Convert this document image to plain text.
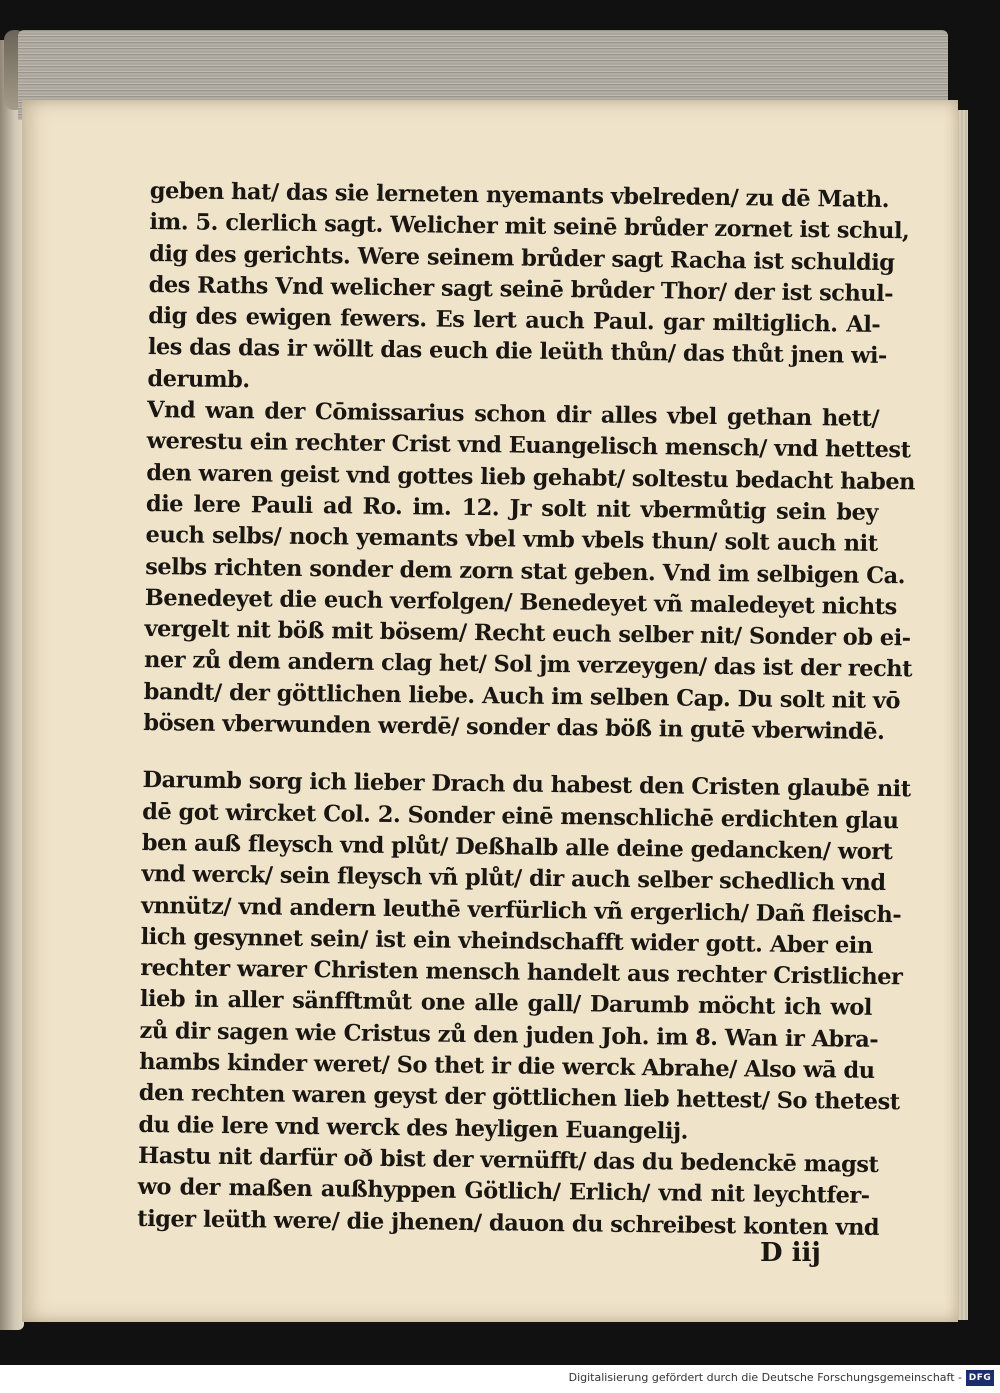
geben hat/ das sie lerneten nyemants vbelreden/ zu dē Math.
im. 5. clerlich sagt. Welicher mit seinē brůder zornet ist schul,
dig des gerichts. Were seinem brůder sagt Racha ist schuldig
des Raths Vnd welicher sagt seinē brůder Thor/ der ist schul-
dig des ewigen fewers. Es lert auch Paul. gar miltiglich. Al-
les das das ir wöllt das euch die leüth thůn/ das thůt jnen wi-
derumb.
Vnd wan der Cōmissarius schon dir alles vbel gethan hett/
werestu ein rechter Crist vnd Euangelisch mensch/ vnd hettest
den waren geist vnd gottes lieb gehabt/ soltestu bedacht haben
die lere Pauli ad Ro. im. 12. Jr solt nit vbermůtig sein bey
euch selbs/ noch yemants vbel vmb vbels thun/ solt auch nit
selbs richten sonder dem zorn stat geben. Vnd im selbigen Ca.
Benedeyet die euch verfolgen/ Benedeyet vñ maledeyet nichts
vergelt nit böß mit bösem/ Recht euch selber nit/ Sonder ob ei-
ner zů dem andern clag het/ Sol jm verzeygen/ das ist der recht
bandt/ der göttlichen liebe. Auch im selben Cap. Du solt nit vō
bösen vberwunden werdē/ sonder das böß in gutē vberwindē.
Darumb sorg ich lieber Drach du habest den Cristen glaubē nit
dē got wircket Col. 2. Sonder einē menschlichē erdichten glau
ben auß fleysch vnd plůt/ Deßhalb alle deine gedancken/ wort
vnd werck/ sein fleysch vñ plůt/ dir auch selber schedlich vnd
vnnütz/ vnd andern leuthē verfürlich vñ ergerlich/ Dañ fleisch-
lich gesynnet sein/ ist ein vheindschafft wider gott. Aber ein
rechter warer Christen mensch handelt aus rechter Cristlicher
lieb in aller sänfftmůt one alle gall/ Darumb möcht ich wol
zů dir sagen wie Cristus zů den juden Joh. im 8. Wan ir Abra-
hambs kinder weret/ So thet ir die werck Abrahe/ Also wā du
den rechten waren geyst der göttlichen lieb hettest/ So thetest
du die lere vnd werck des heyligen Euangelij.
Hastu nit darfür oð bist der vernüfft/ das du bedenckē magst
wo der maßen außhyppen Götlich/ Erlich/ vnd nit leychtfer-
tiger leüth were/ die jhenen/ dauon du schreibest konten vnd
D iij
Digitalisierung gefördert durch die Deutsche Forschungsgemeinschaft - DFG
